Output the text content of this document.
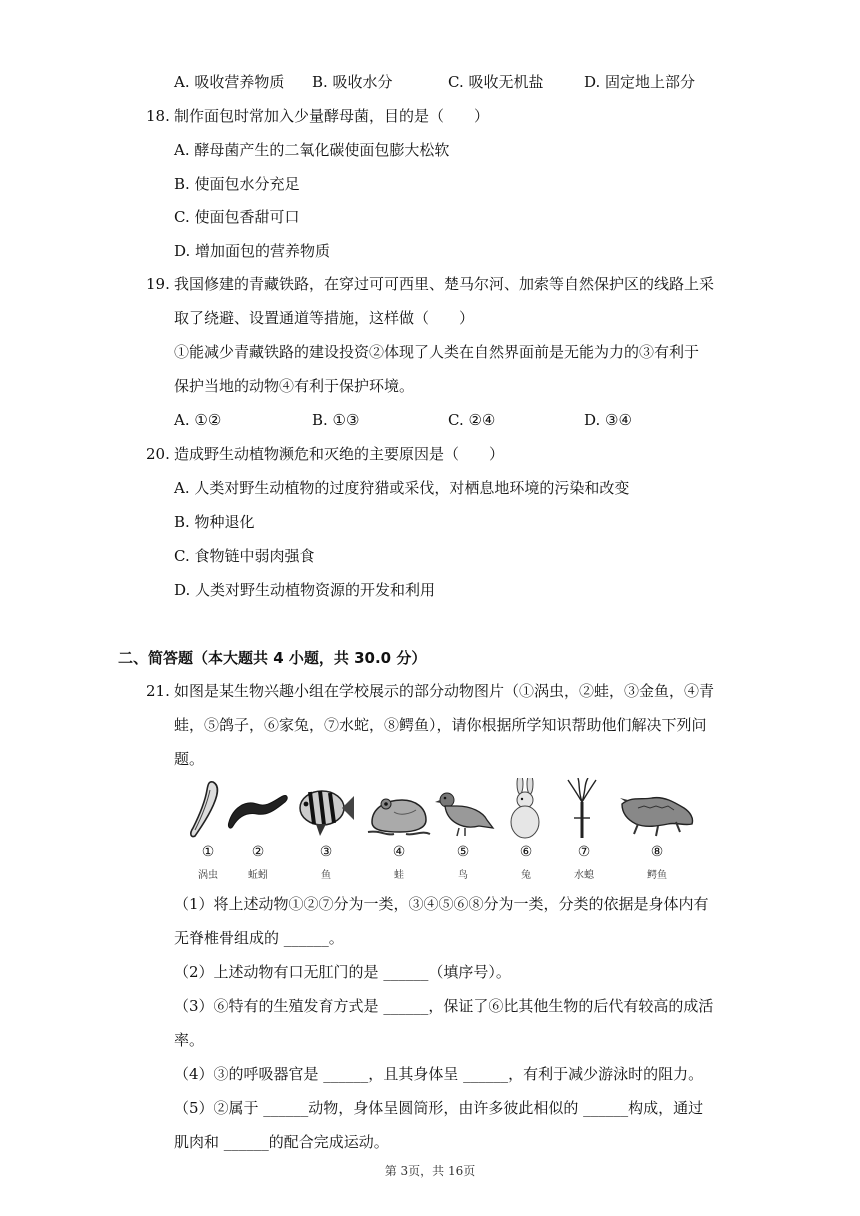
A. 吸收营养物质 B. 吸收水分	C. 吸收无机盐	D. 固定地上部分
18. 制作面包时常加入少量酵母菌，目的是（　　）
A. 酵母菌产生的二氧化碳使面包膨大松软
B. 使面包水分充足
C. 使面包香甜可口
D. 增加面包的营养物质
19. 我国修建的青藏铁路，在穿过可可西里、楚马尔河、加索等自然保护区的线路上采
取了绕避、设置通道等措施，这样做（　　）
①能减少青藏铁路的建设投资②体现了人类在自然界面前是无能为力的③有利于
保护当地的动物④有利于保护环境。
A. ①②	B. ①③	C. ②④	D. ③④
20. 造成野生动植物濒危和灭绝的主要原因是（　　）
A. 人类对野生动植物的过度狩猎或采伐，对栖息地环境的污染和改变
B. 物种退化
C. 食物链中弱肉强食
D. 人类对野生动植物资源的开发和利用
二、简答题（本大题共 4 小题，共 30.0 分）
21. 如图是某生物兴趣小组在学校展示的部分动物图片（①涡虫，②蛙，③金鱼，④青
蛙，⑤鸽子，⑥家兔，⑦水蛇，⑧鳄鱼），请你根据所学知识帮助他们解决下列问
题。
①
涡虫
②
蚯蚓
③
鱼
④
蛙
⑤
鸟
⑥
兔
⑦
水螅
⑧
鳄鱼
（1）将上述动物①②⑦分为一类，③④⑤⑥⑧分为一类，分类的依据是身体内有
无脊椎骨组成的 ______。
（2）上述动物有口无肛门的是 ______（填序号）。
（3）⑥特有的生殖发育方式是 ______，保证了⑥比其他生物的后代有较高的成活
率。
（4）③的呼吸器官是 ______，且其身体呈 ______，有利于减少游泳时的阻力。
（5）②属于 ______动物，身体呈圆筒形，由许多彼此相似的 ______构成，通过
肌肉和 ______的配合完成运动。
第 3页，共 16页
